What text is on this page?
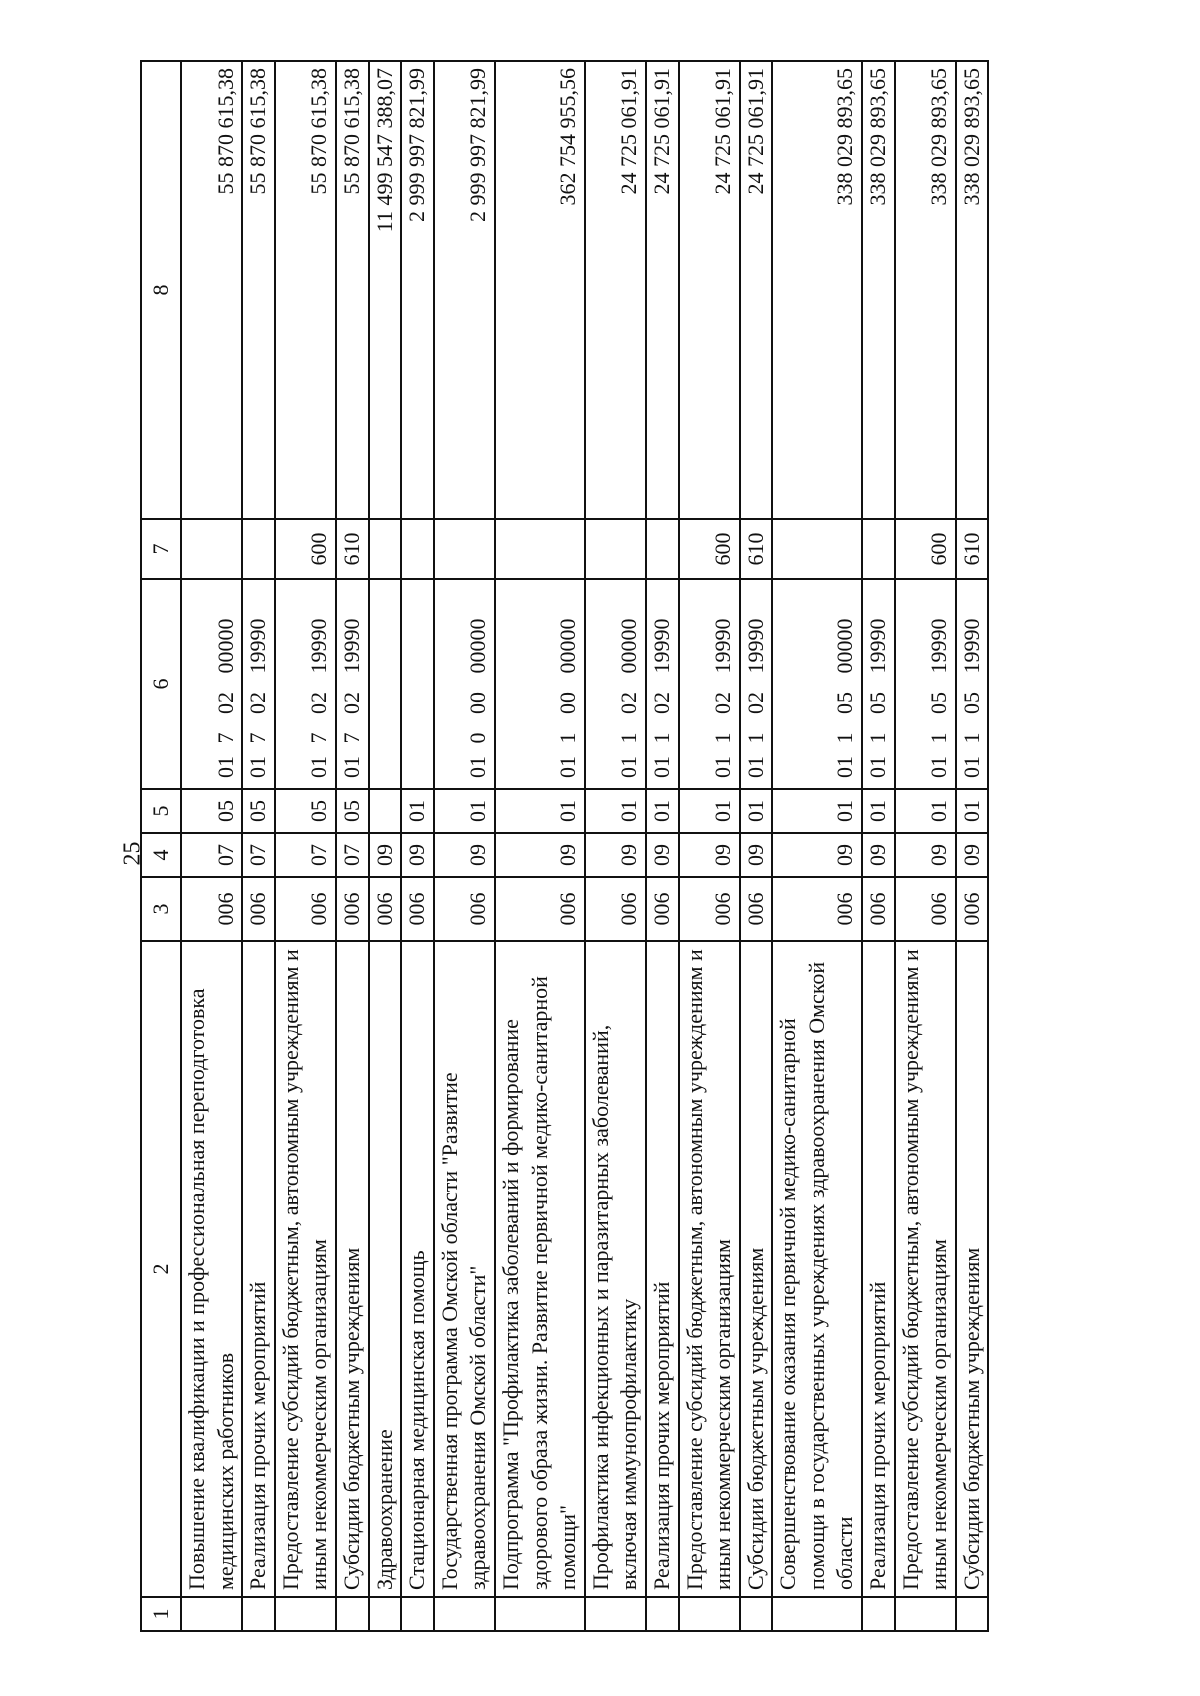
25
1	2	3	4	5	6	7	8
	Повышение квалификации и профессиональная переподготовка медицинских работников	006	07	05	0170200000		55 870 615,38
	Реализация прочих мероприятий	006	07	05	0170219990		55 870 615,38
	Предоставление субсидий бюджетным, автономным учреждениям и иным некоммерческим организациям	006	07	05	0170219990	600	55 870 615,38
	Субсидии бюджетным учреждениям	006	07	05	0170219990	610	55 870 615,38
	Здравоохранение	006	09				11 499 547 388,07
	Стационарная медицинская помощь	006	09	01			2 999 997 821,99
	Государственная программа Омской области "Развитие здравоохранения Омской области"	006	09	01	0100000000		2 999 997 821,99
	Подпрограмма "Профилактика заболеваний и формирование здорового образа жизни. Развитие первичной медико-санитарной помощи"	006	09	01	0110000000		362 754 955,56
	Профилактика инфекционных и паразитарных заболеваний, включая иммунопрофилактику	006	09	01	0110200000		24 725 061,91
	Реализация прочих мероприятий	006	09	01	0110219990		24 725 061,91
	Предоставление субсидий бюджетным, автономным учреждениям и иным некоммерческим организациям	006	09	01	0110219990	600	24 725 061,91
	Субсидии бюджетным учреждениям	006	09	01	0110219990	610	24 725 061,91
	Совершенствование оказания первичной медико-санитарной помощи в государственных учреждениях здравоохранения Омской области	006	09	01	0110500000		338 029 893,65
	Реализация прочих мероприятий	006	09	01	0110519990		338 029 893,65
	Предоставление субсидий бюджетным, автономным учреждениям и иным некоммерческим организациям	006	09	01	0110519990	600	338 029 893,65
	Субсидии бюджетным учреждениям	006	09	01	0110519990	610	338 029 893,65
